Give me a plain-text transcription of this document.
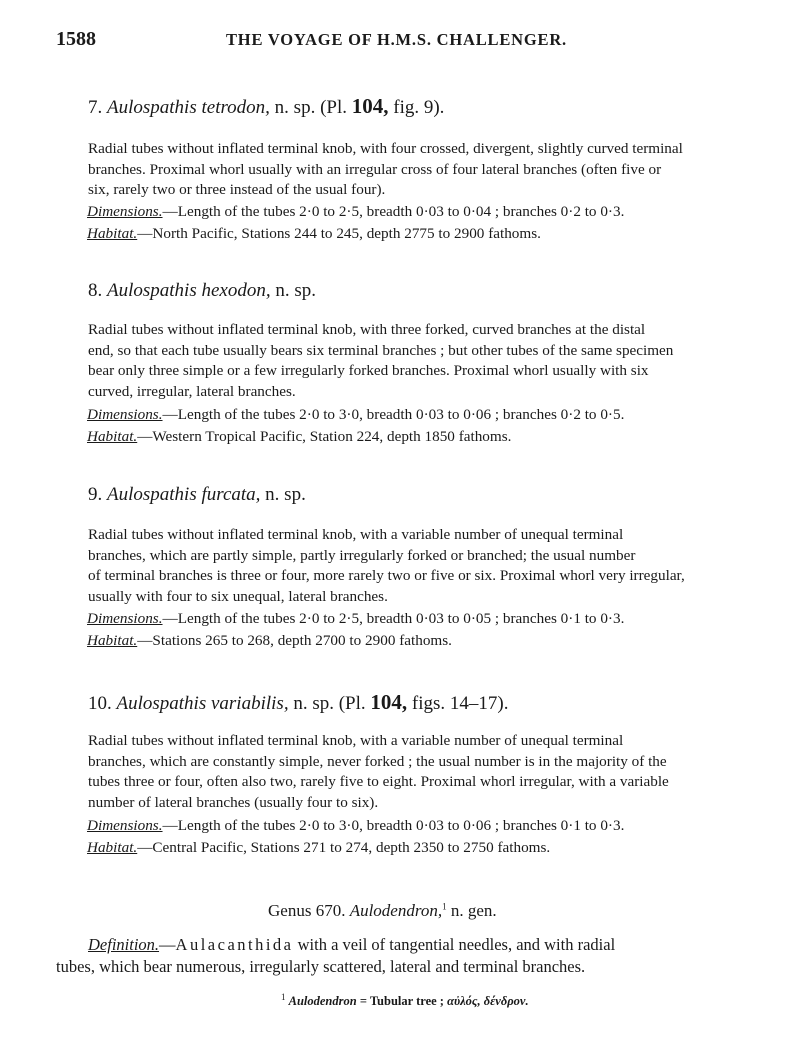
1588	THE VOYAGE OF H.M.S. CHALLENGER.
7. Aulospathis tetrodon, n. sp. (Pl. 104, fig. 9).

Radial tubes without inflated terminal knob, with four crossed, divergent, slightly curved terminal
branches. Proximal whorl usually with an irregular cross of four lateral branches (often five or
six, rarely two or three instead of the usual four).

Dimensions.—Length of the tubes 2·0 to 2·5, breadth 0·03 to 0·04 ; branches 0·2 to 0·3.
Habitat.—North Pacific, Stations 244 to 245, depth 2775 to 2900 fathoms.
8. Aulospathis hexodon, n. sp.

Radial tubes without inflated terminal knob, with three forked, curved branches at the distal
end, so that each tube usually bears six terminal branches ; but other tubes of the same specimen
bear only three simple or a few irregularly forked branches. Proximal whorl usually with six
curved, irregular, lateral branches.

Dimensions.—Length of the tubes 2·0 to 3·0, breadth 0·03 to 0·06 ; branches 0·2 to 0·5.
Habitat.—Western Tropical Pacific, Station 224, depth 1850 fathoms.
9. Aulospathis furcata, n. sp.

Radial tubes without inflated terminal knob, with a variable number of unequal terminal
branches, which are partly simple, partly irregularly forked or branched; the usual number
of terminal branches is three or four, more rarely two or five or six. Proximal whorl very irregular,
usually with four to six unequal, lateral branches.

Dimensions.—Length of the tubes 2·0 to 2·5, breadth 0·03 to 0·05 ; branches 0·1 to 0·3.
Habitat.—Stations 265 to 268, depth 2700 to 2900 fathoms.
10. Aulospathis variabilis, n. sp. (Pl. 104, figs. 14–17).

Radial tubes without inflated terminal knob, with a variable number of unequal terminal
branches, which are constantly simple, never forked ; the usual number is in the majority of the
tubes three or four, often also two, rarely five to eight. Proximal whorl irregular, with a variable
number of lateral branches (usually four to six).

Dimensions.—Length of the tubes 2·0 to 3·0, breadth 0·03 to 0·06 ; branches 0·1 to 0·3.
Habitat.—Central Pacific, Stations 271 to 274, depth 2350 to 2750 fathoms.
Genus 670. Aulodendron,$^1$ n. gen.

Definition.—Aulacanthida with a veil of tangential needles, and with radial
tubes, which bear numerous, irregularly scattered, lateral and terminal branches.

$^1$ Aulodendron = Tubular tree ; αὐλός, δένδρον.
